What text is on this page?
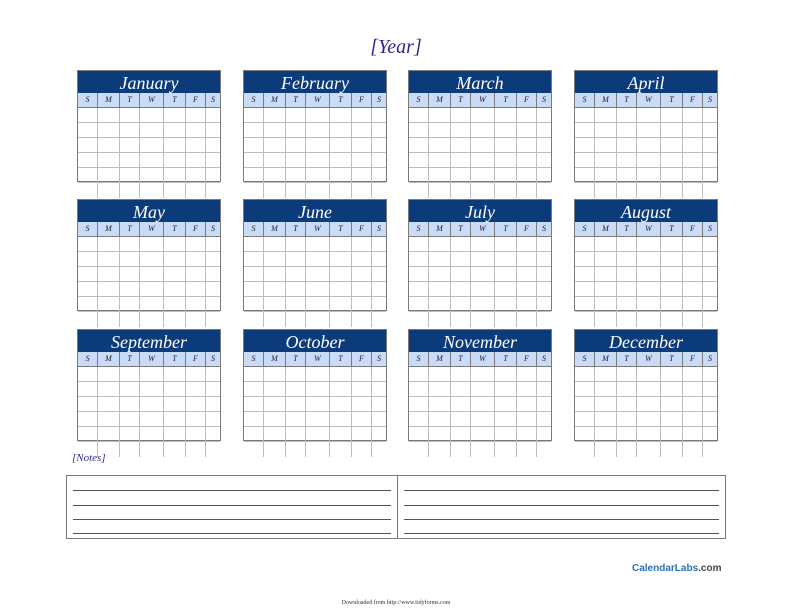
[Year]
January
S	M	T	W	T	F	S
February
S	M	T	W	T	F	S
March
S	M	T	W	T	F	S
April
S	M	T	W	T	F	S
May
S	M	T	W	T	F	S
June
S	M	T	W	T	F	S
July
S	M	T	W	T	F	S
August
S	M	T	W	T	F	S
September
S	M	T	W	T	F	S
October
S	M	T	W	T	F	S
November
S	M	T	W	T	F	S
December
S	M	T	W	T	F	S
[Notes]
CalendarLabs.com
Downloaded from http://www.tidyforms.com
